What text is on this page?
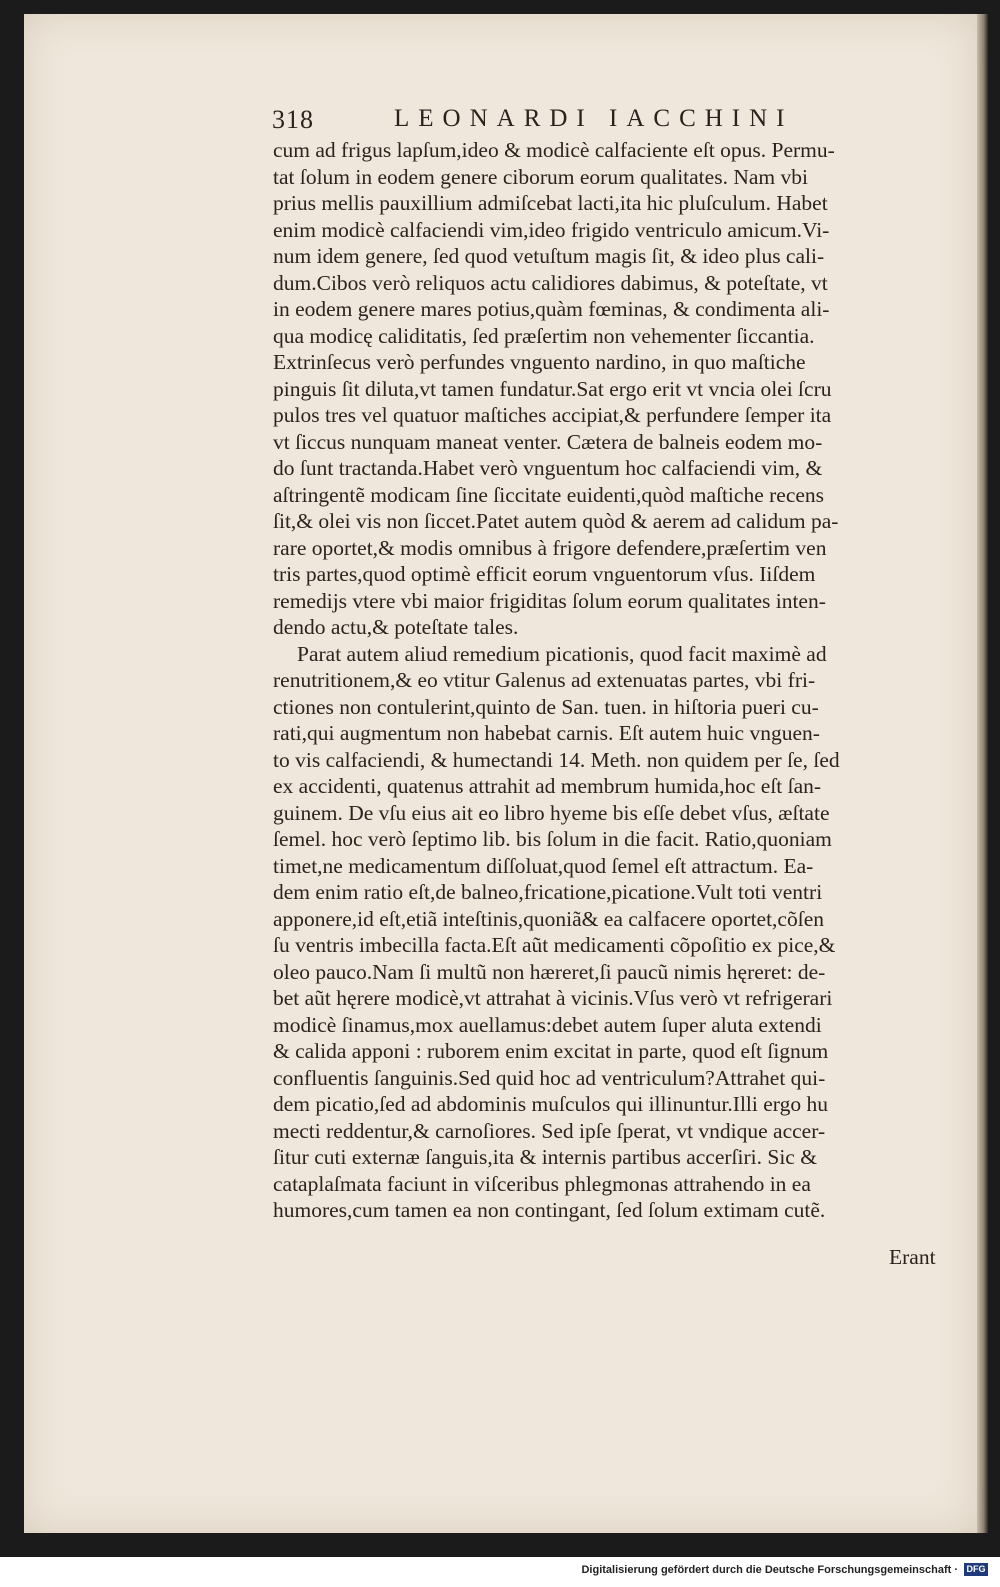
318	LEONARDI IACCHINI
cum ad frigus lapſum,ideo & modicè calfaciente eſt opus. Permu-
tat ſolum in eodem genere ciborum eorum qualitates. Nam vbi
prius mellis pauxillium admiſcebat lacti,ita hic pluſculum. Habet
enim modicè calfaciendi vim,ideo frigido ventriculo amicum.Vi-
num idem genere, ſed quod vetuſtum magis ſit, & ideo plus cali-
dum.Cibos verò reliquos actu calidiores dabimus, & poteſtate, vt
in eodem genere mares potius,quàm fœminas, & condimenta ali-
qua modicę caliditatis, ſed præſertim non vehementer ſiccantia.
Extrinſecus verò perfundes vnguento nardino, in quo maſtiche
pinguis ſit diluta,vt tamen fundatur.Sat ergo erit vt vncia olei ſcru
pulos tres vel quatuor maſtiches accipiat,& perfundere ſemper ita
vt ſiccus nunquam maneat venter. Cætera de balneis eodem mo-
do ſunt tractanda.Habet verò vnguentum hoc calfaciendi vim, &
aſtringentẽ modicam ſine ſiccitate euidenti,quòd maſtiche recens
ſit,& olei vis non ſiccet.Patet autem quòd & aerem ad calidum pa-
rare oportet,& modis omnibus à frigore defendere,præſertim ven
tris partes,quod optimè efficit eorum vnguentorum vſus. Iiſdem
remedijs vtere vbi maior frigiditas ſolum eorum qualitates inten-
dendo actu,& poteſtate tales.
Parat autem aliud remedium picationis, quod facit maximè ad
renutritionem,& eo vtitur Galenus ad extenuatas partes, vbi fri-
ctiones non contulerint,quinto de San. tuen. in hiſtoria pueri cu-
rati,qui augmentum non habebat carnis. Eſt autem huic vnguen-
to vis calfaciendi, & humectandi 14. Meth. non quidem per ſe, ſed
ex accidenti, quatenus attrahit ad membrum humida,hoc eſt ſan-
guinem. De vſu eius ait eo libro hyeme bis eſſe debet vſus, æſtate
ſemel. hoc verò ſeptimo lib. bis ſolum in die facit. Ratio,quoniam
timet,ne medicamentum diſſoluat,quod ſemel eſt attractum. Ea-
dem enim ratio eſt,de balneo,fricatione,picatione.Vult toti ventri
apponere,id eſt,etiã inteſtinis,quoniã& ea calfacere oportet,cõſen
ſu ventris imbecilla facta.Eſt aũt medicamenti cõpoſitio ex pice,&
oleo pauco.Nam ſi multũ non hæreret,ſi paucũ nimis hęreret: de-
bet aũt hęrere modicè,vt attrahat à vicinis.Vſus verò vt refrigerari
modicè ſinamus,mox auellamus:debet autem ſuper aluta extendi
& calida apponi : ruborem enim excitat in parte, quod eſt ſignum
confluentis ſanguinis.Sed quid hoc ad ventriculum?Attrahet qui-
dem picatio,ſed ad abdominis muſculos qui illinuntur.Illi ergo hu
mecti reddentur,& carnoſiores. Sed ipſe ſperat, vt vndique accer-
ſitur cuti externæ ſanguis,ita & internis partibus accerſiri. Sic &
cataplaſmata faciunt in viſceribus phlegmonas attrahendo in ea
humores,cum tamen ea non contingant, ſed ſolum extimam cutẽ.
Erant
Digitalisierung gefördert durch die Deutsche Forschungsgemeinschaft · DFG
